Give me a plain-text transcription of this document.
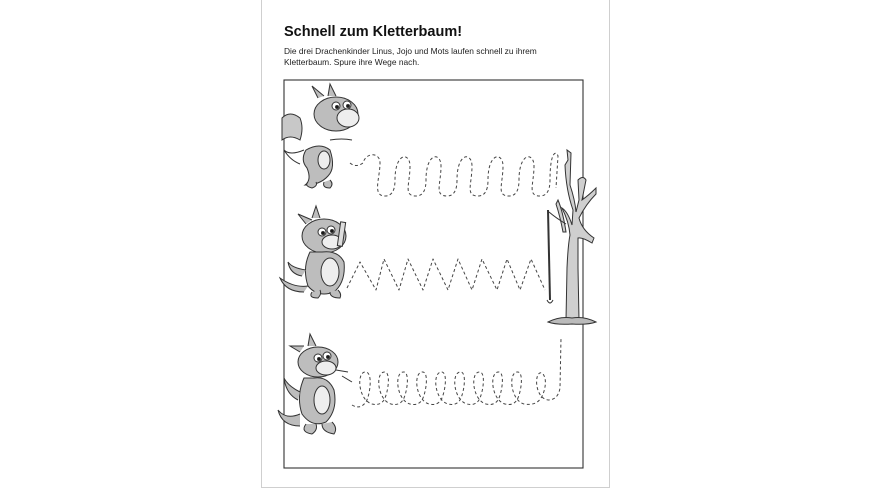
Schnell zum Kletterbaum!

Die drei Drachenkinder Linus, Jojo und Mots laufen schnell zu ihrem Kletterbaum. Spure ihre Wege nach.
